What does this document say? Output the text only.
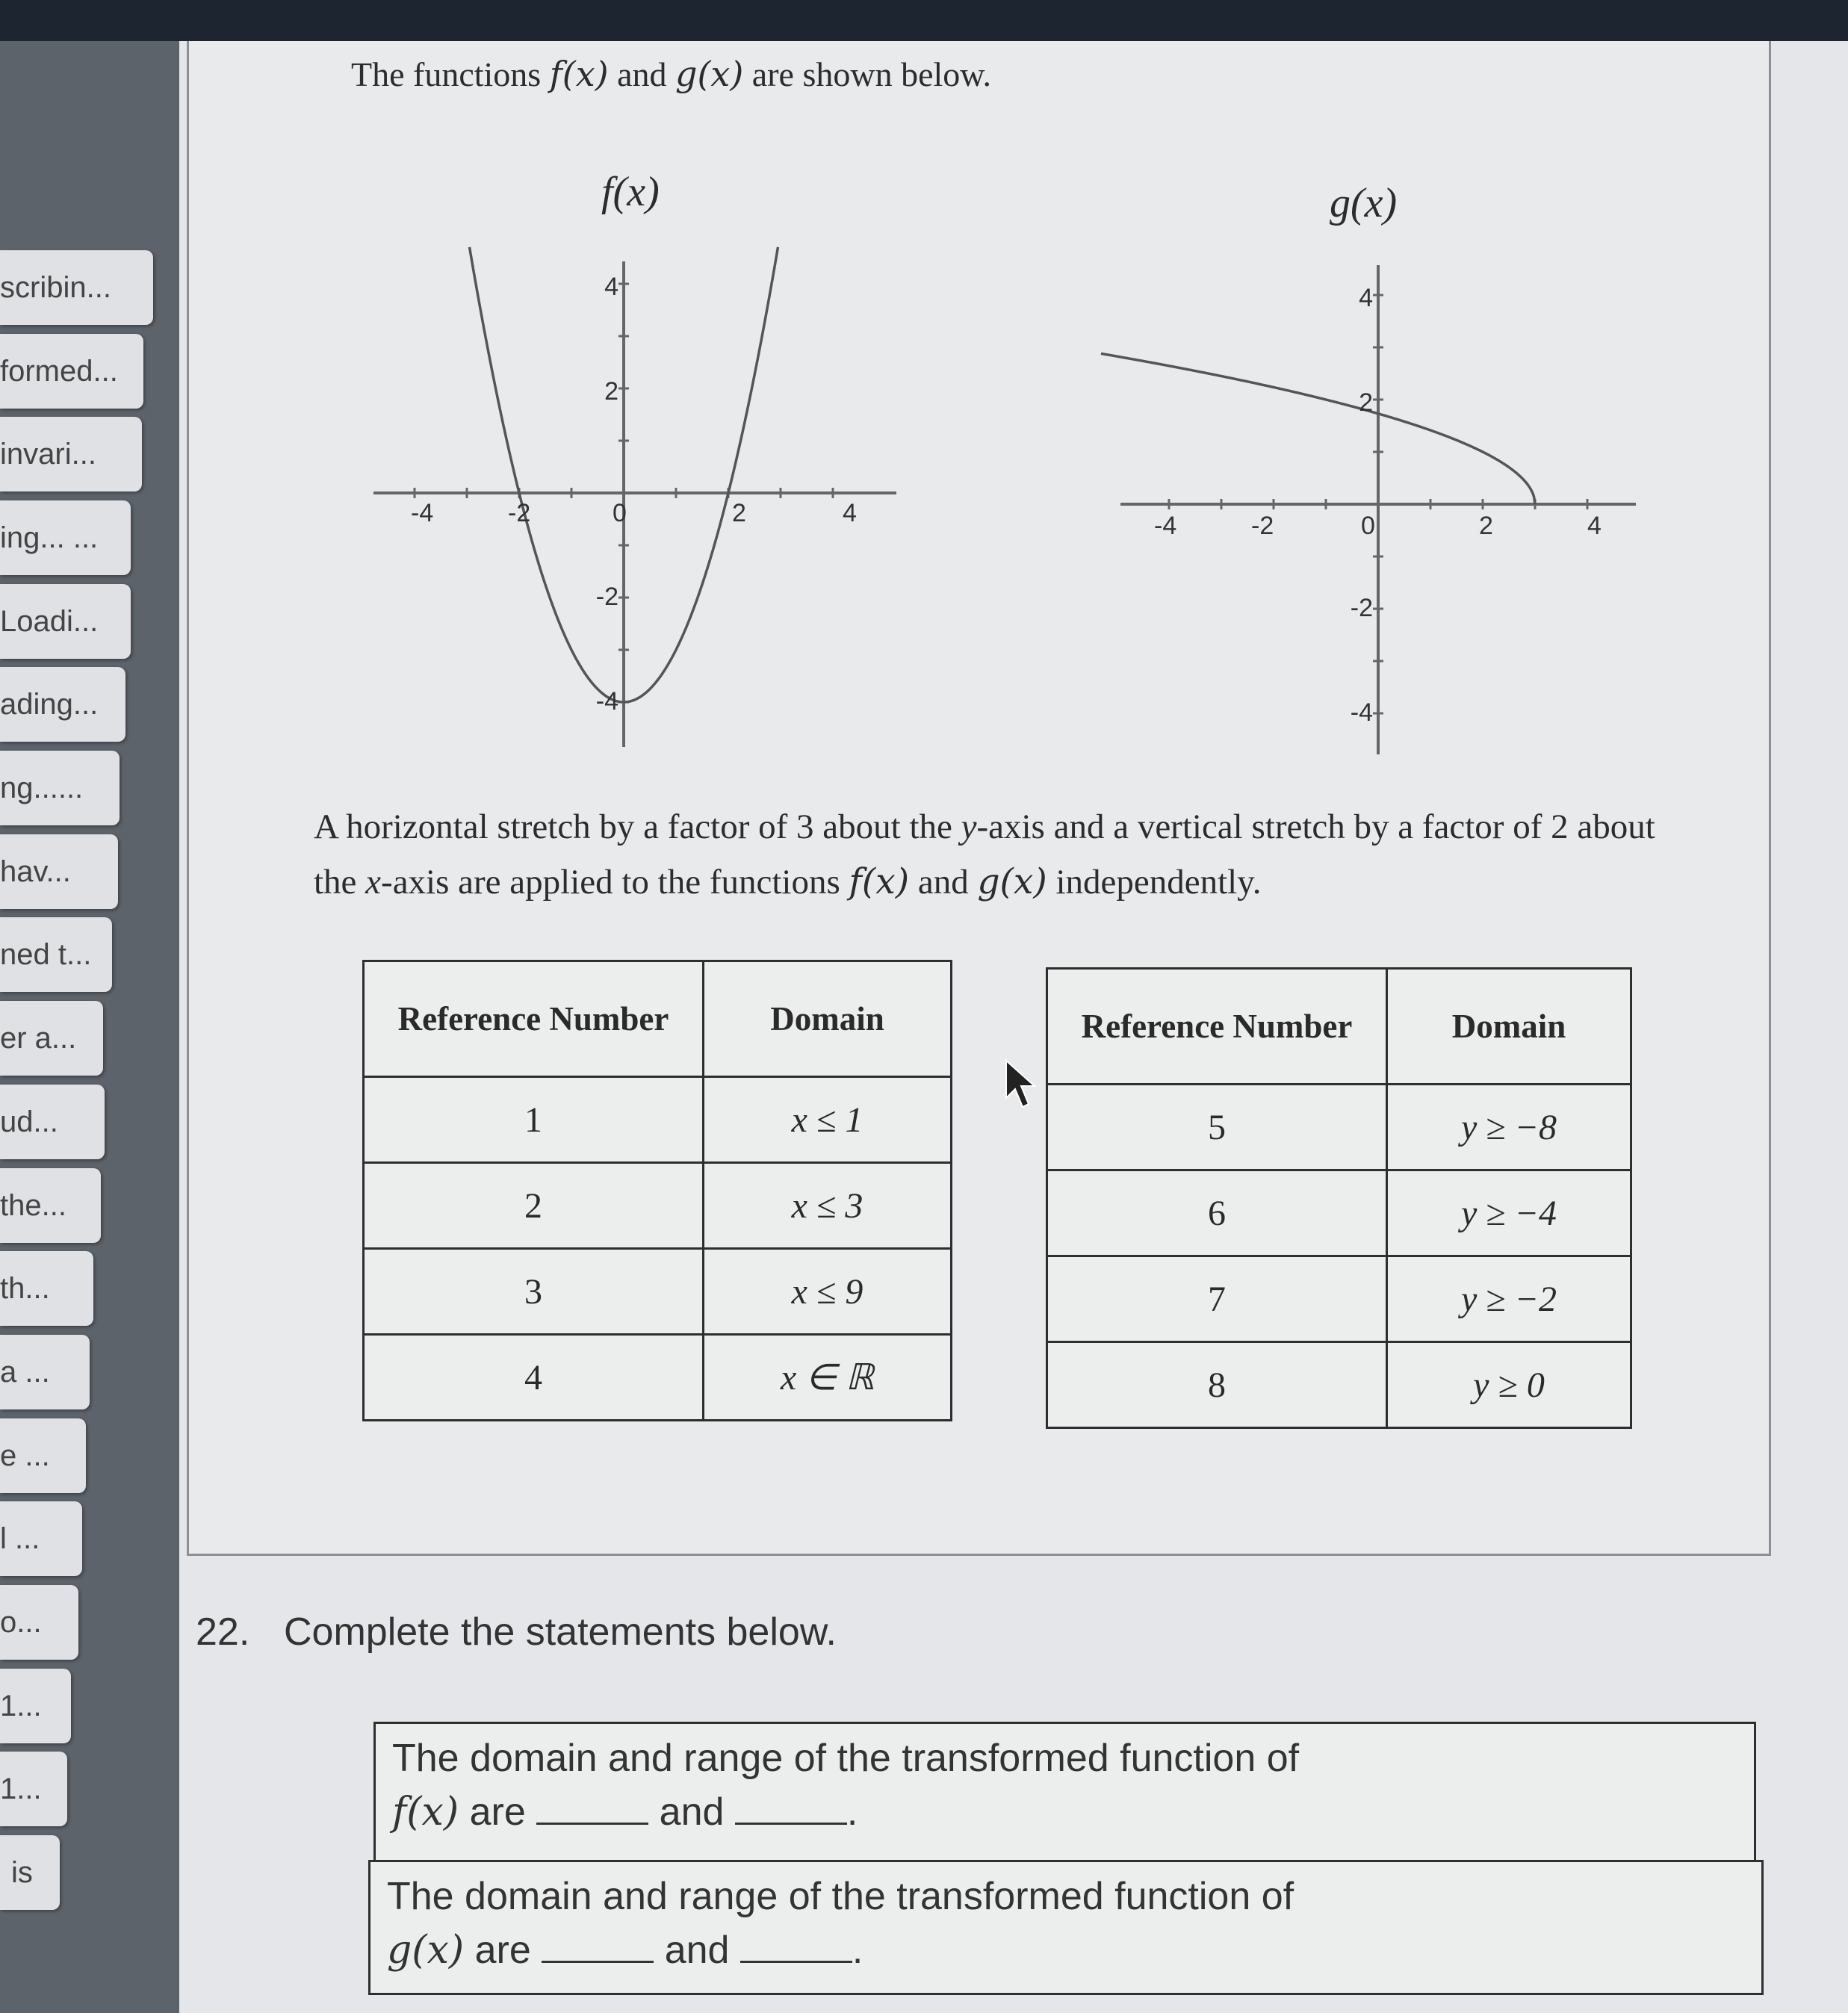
scribin...
formed...
invari...
ing... ...
Loadi...
ading...
ng......
hav...
ned t...
er a...
ud...
the...
th...
a ...
e ...
l ...
o...
1...
1...
is
The functions f(x) and g(x) are shown below.
f(x)	g(x)
-4	-2	2	4
0
4
2
-2
-4
-4	-2	2	4
0
4
2
-2
-4
A horizontal stretch by a factor of 3 about the y-axis and a vertical stretch by a factor of 2 about the x-axis are applied to the functions f(x) and g(x) independently.
Reference Number	Domain
1	x ≤ 1
2	x ≤ 3
3	x ≤ 9
4	x ∈ ℝ
Reference Number	Domain
5	y ≥ −8
6	y ≥ −4
7	y ≥ −2
8	y ≥ 0
22. Complete the statements below.
The domain and range of the transformed function of
f(x) are	and	.
The domain and range of the transformed function of
g(x) are	and	.
